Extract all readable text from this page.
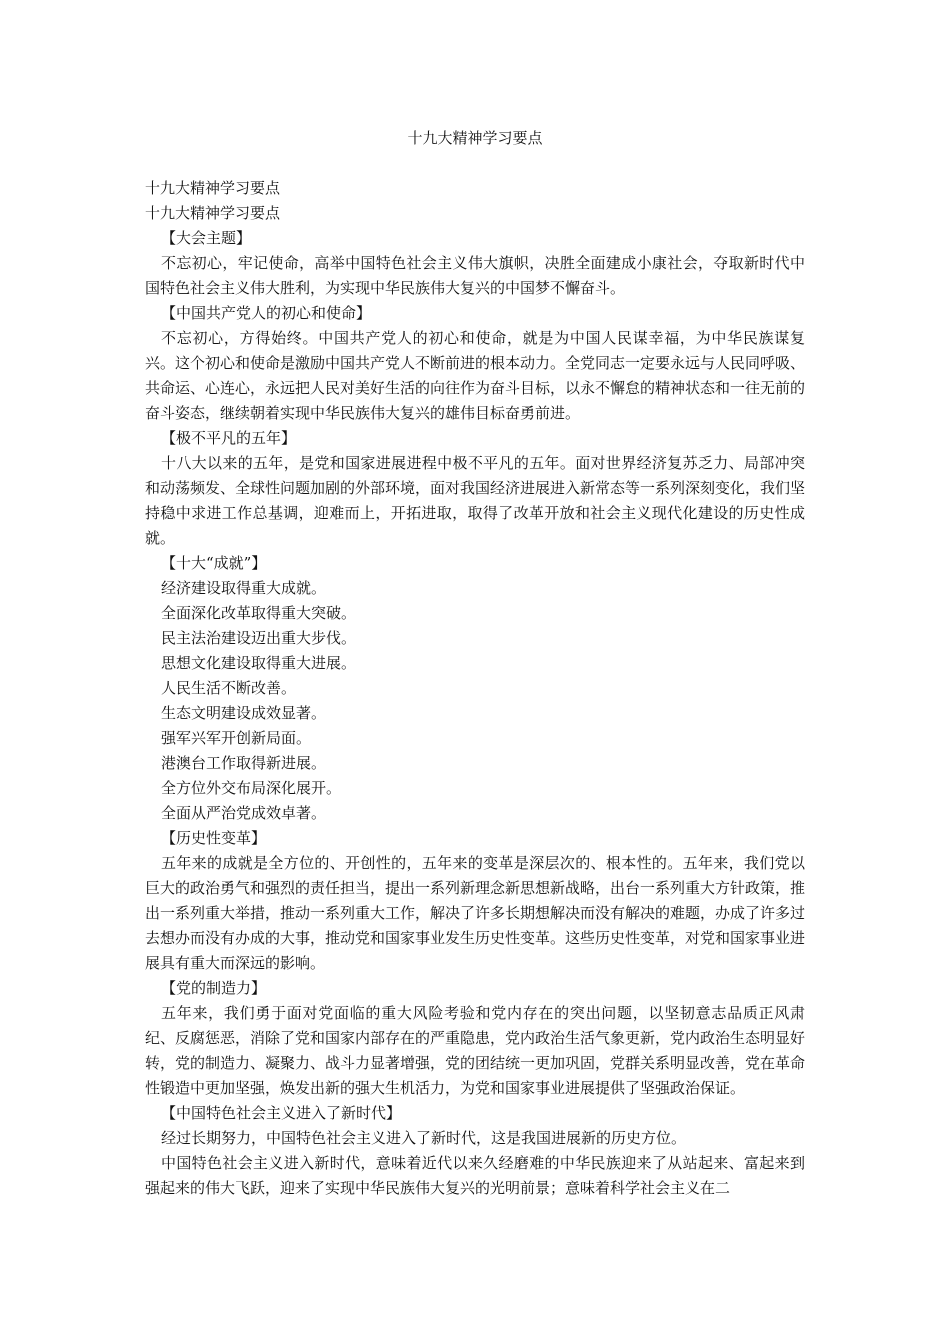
十九大精神学习要点

十九大精神学习要点

十九大精神学习要点

【大会主题】

不忘初心，牢记使命，高举中国特色社会主义伟大旗帜，决胜全面建成小康社会，夺取新时代中国特色社会主义伟大胜利，为实现中华民族伟大复兴的中国梦不懈奋斗。

【中国共产党人的初心和使命】

不忘初心，方得始终。中国共产党人的初心和使命，就是为中国人民谋幸福，为中华民族谋复兴。这个初心和使命是激励中国共产党人不断前进的根本动力。全党同志一定要永远与人民同呼吸、共命运、心连心，永远把人民对美好生活的向往作为奋斗目标，以永不懈怠的精神状态和一往无前的奋斗姿态，继续朝着实现中华民族伟大复兴的雄伟目标奋勇前进。

【极不平凡的五年】

十八大以来的五年，是党和国家进展进程中极不平凡的五年。面对世界经济复苏乏力、局部冲突和动荡频发、全球性问题加剧的外部环境，面对我国经济进展进入新常态等一系列深刻变化，我们坚持稳中求进工作总基调，迎难而上，开拓进取，取得了改革开放和社会主义现代化建设的历史性成就。

【十大“成就”】

经济建设取得重大成就。

全面深化改革取得重大突破。

民主法治建设迈出重大步伐。

思想文化建设取得重大进展。

人民生活不断改善。

生态文明建设成效显著。

强军兴军开创新局面。

港澳台工作取得新进展。

全方位外交布局深化展开。

全面从严治党成效卓著。

【历史性变革】

五年来的成就是全方位的、开创性的，五年来的变革是深层次的、根本性的。五年来，我们党以巨大的政治勇气和强烈的责任担当，提出一系列新理念新思想新战略，出台一系列重大方针政策，推出一系列重大举措，推动一系列重大工作，解决了许多长期想解决而没有解决的难题，办成了许多过去想办而没有办成的大事，推动党和国家事业发生历史性变革。这些历史性变革，对党和国家事业进展具有重大而深远的影响。

【党的制造力】

五年来，我们勇于面对党面临的重大风险考验和党内存在的突出问题，以坚韧意志品质正风肃纪、反腐惩恶，消除了党和国家内部存在的严重隐患，党内政治生活气象更新，党内政治生态明显好转，党的制造力、凝聚力、战斗力显著增强，党的团结统一更加巩固，党群关系明显改善，党在革命性锻造中更加坚强，焕发出新的强大生机活力，为党和国家事业进展提供了坚强政治保证。

【中国特色社会主义进入了新时代】

经过长期努力，中国特色社会主义进入了新时代，这是我国进展新的历史方位。

中国特色社会主义进入新时代，意味着近代以来久经磨难的中华民族迎来了从站起来、富起来到强起来的伟大飞跃，迎来了实现中华民族伟大复兴的光明前景；意味着科学社会主义在二
